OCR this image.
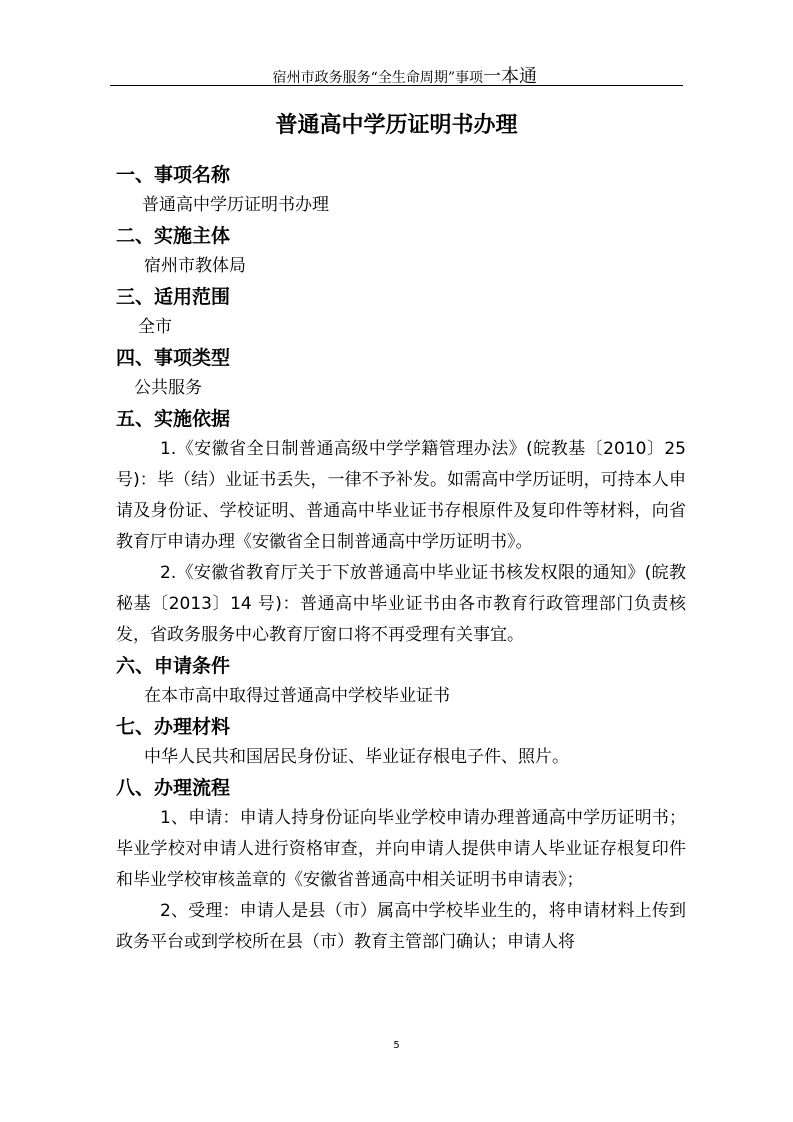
宿州市政务服务“全生命周期”事项一本通
普通高中学历证明书办理

一、事项名称

普通高中学历证明书办理

二、实施主体

宿州市教体局

三、适用范围

全市

四、事项类型

公共服务

五、实施依据

1.《安徽省全日制普通高级中学学籍管理办法》(皖教基〔2010〕25 号)：毕（结）业证书丢失，一律不予补发。如需高中学历证明，可持本人申请及身份证、学校证明、普通高中毕业证书存根原件及复印件等材料，向省教育厅申请办理《安徽省全日制普通高中学历证明书》。

2.《安徽省教育厅关于下放普通高中毕业证书核发权限的通知》(皖教秘基〔2013〕14 号)：普通高中毕业证书由各市教育行政管理部门负责核发，省政务服务中心教育厅窗口将不再受理有关事宜。

六、申请条件

在本市高中取得过普通高中学校毕业证书

七、办理材料

中华人民共和国居民身份证、毕业证存根电子件、照片。

八、办理流程

1、申请：申请人持身份证向毕业学校申请办理普通高中学历证明书；毕业学校对申请人进行资格审查，并向申请人提供申请人毕业证存根复印件和毕业学校审核盖章的《安徽省普通高中相关证明书申请表》；

2、受理：申请人是县（市）属高中学校毕业生的，将申请材料上传到政务平台或到学校所在县（市）教育主管部门确认；申请人将

5
